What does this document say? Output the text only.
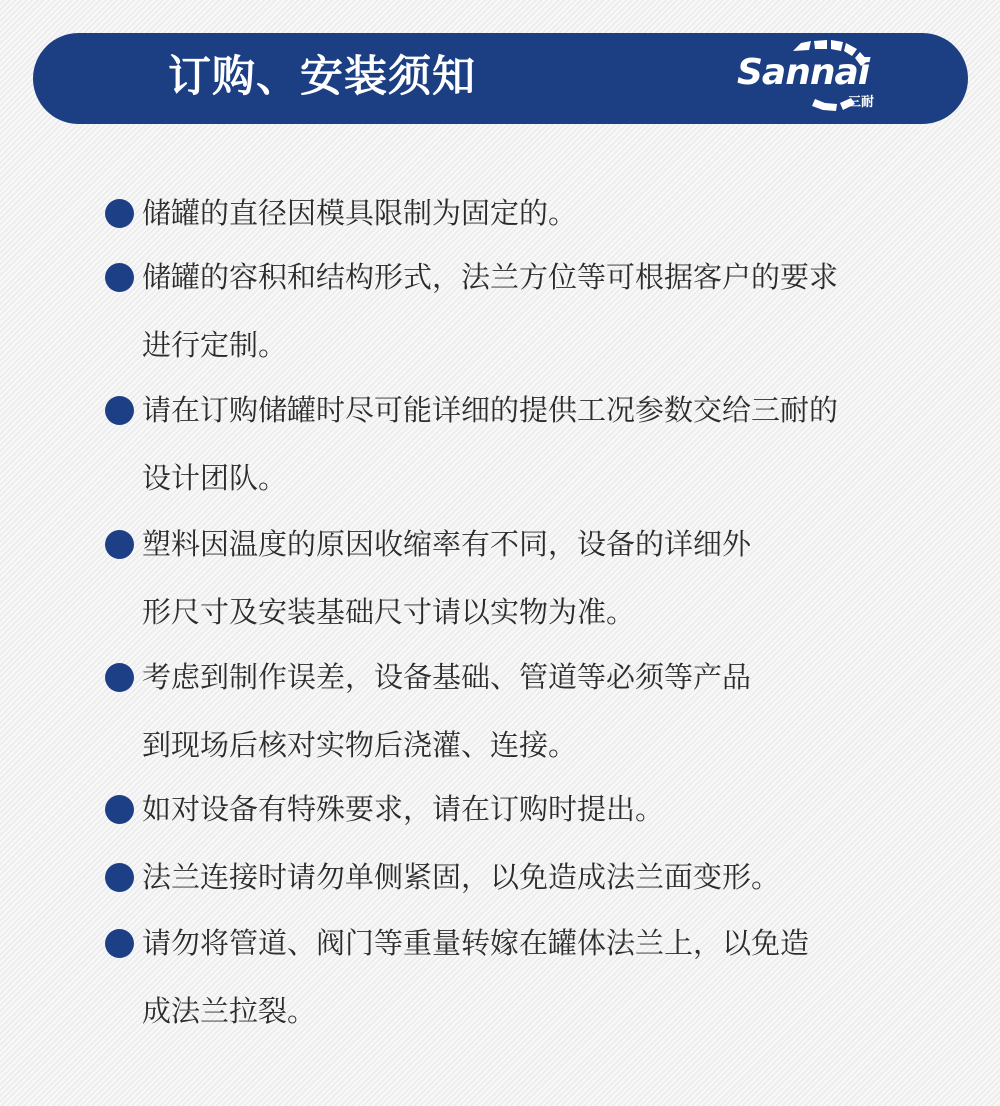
订购、安装须知	Sannai
三耐
储罐的直径因模具限制为固定的。
储罐的容积和结构形式，法兰方位等可根据客户的要求
进行定制。
请在订购储罐时尽可能详细的提供工况参数交给三耐的
设计团队。
塑料因温度的原因收缩率有不同，设备的详细外
形尺寸及安装基础尺寸请以实物为准。
考虑到制作误差，设备基础、管道等必须等产品
到现场后核对实物后浇灌、连接。
如对设备有特殊要求，请在订购时提出。
法兰连接时请勿单侧紧固，以免造成法兰面变形。
请勿将管道、阀门等重量转嫁在罐体法兰上，以免造
成法兰拉裂。
